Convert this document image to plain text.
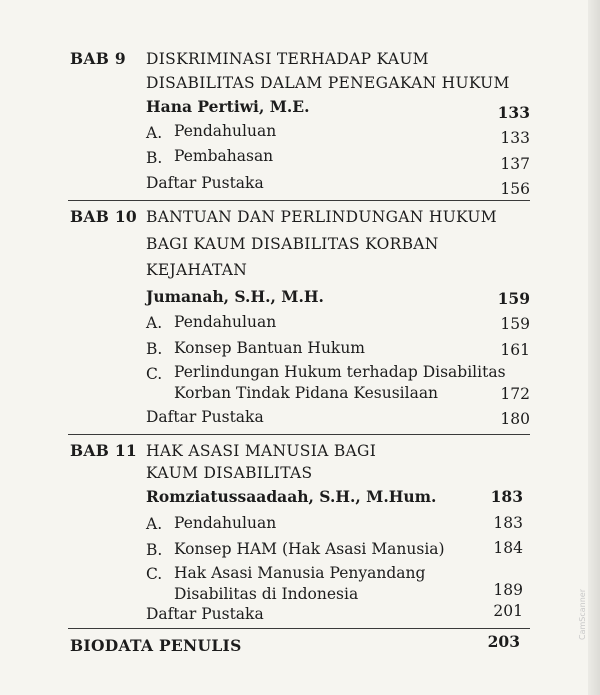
BAB 9 DISKRIMINASI TERHADAP KAUM
DISABILITAS DALAM PENEGAKAN HUKUM
Hana Pertiwi, M.E.	133
A. Pendahuluan	133
B. Pembahasan	137
Daftar Pustaka	156
BAB 10 BANTUAN DAN PERLINDUNGAN HUKUM
BAGI KAUM DISABILITAS KORBAN
KEJAHATAN
Jumanah, S.H., M.H.	159
A. Pendahuluan	159
B. Konsep Bantuan Hukum	161
C. Perlindungan Hukum terhadap Disabilitas
Korban Tindak Pidana Kesusilaan	172
Daftar Pustaka	180
BAB 11 HAK ASASI MANUSIA BAGI
KAUM DISABILITAS
Romziatussaadaah, S.H., M.Hum.	183
A. Pendahuluan	183
B. Konsep HAM (Hak Asasi Manusia)	184
C. Hak Asasi Manusia Penyandang
Disabilitas di Indonesia	189
Daftar Pustaka	201
BIODATA PENULIS	203
CamScanner
